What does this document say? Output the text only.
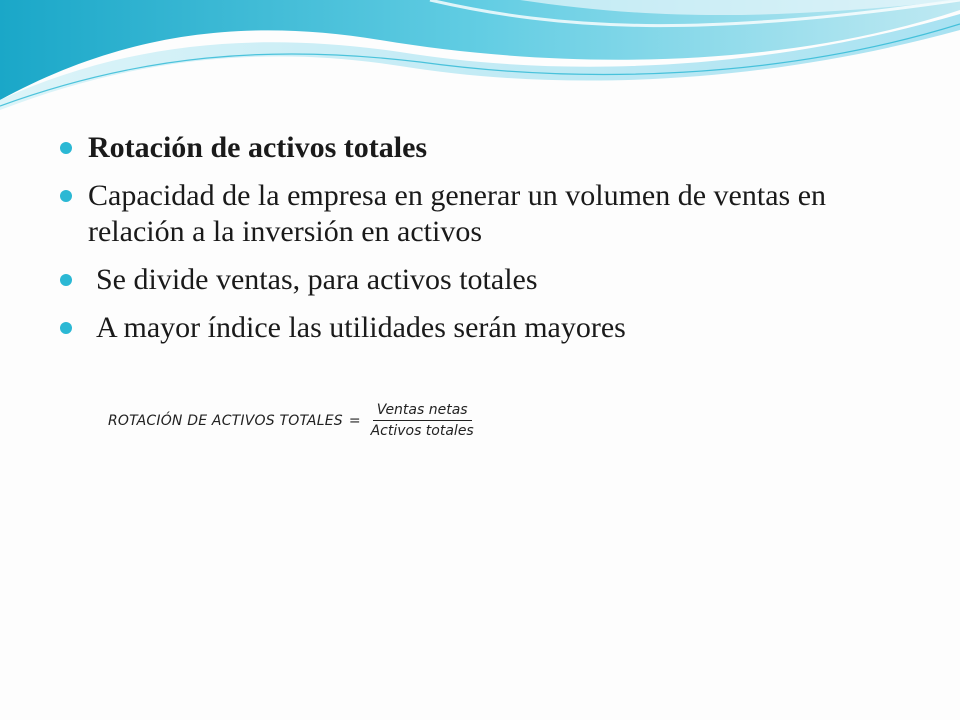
Rotación de activos totales
Capacidad de la empresa en generar un volumen de ventas en relación a la inversión en activos
Se divide ventas, para activos totales
A mayor índice las utilidades serán mayores
ROTACIÓN DE ACTIVOS TOTALES = $\frac{\text{Ventas netas}}{\text{Activos totales}}$
